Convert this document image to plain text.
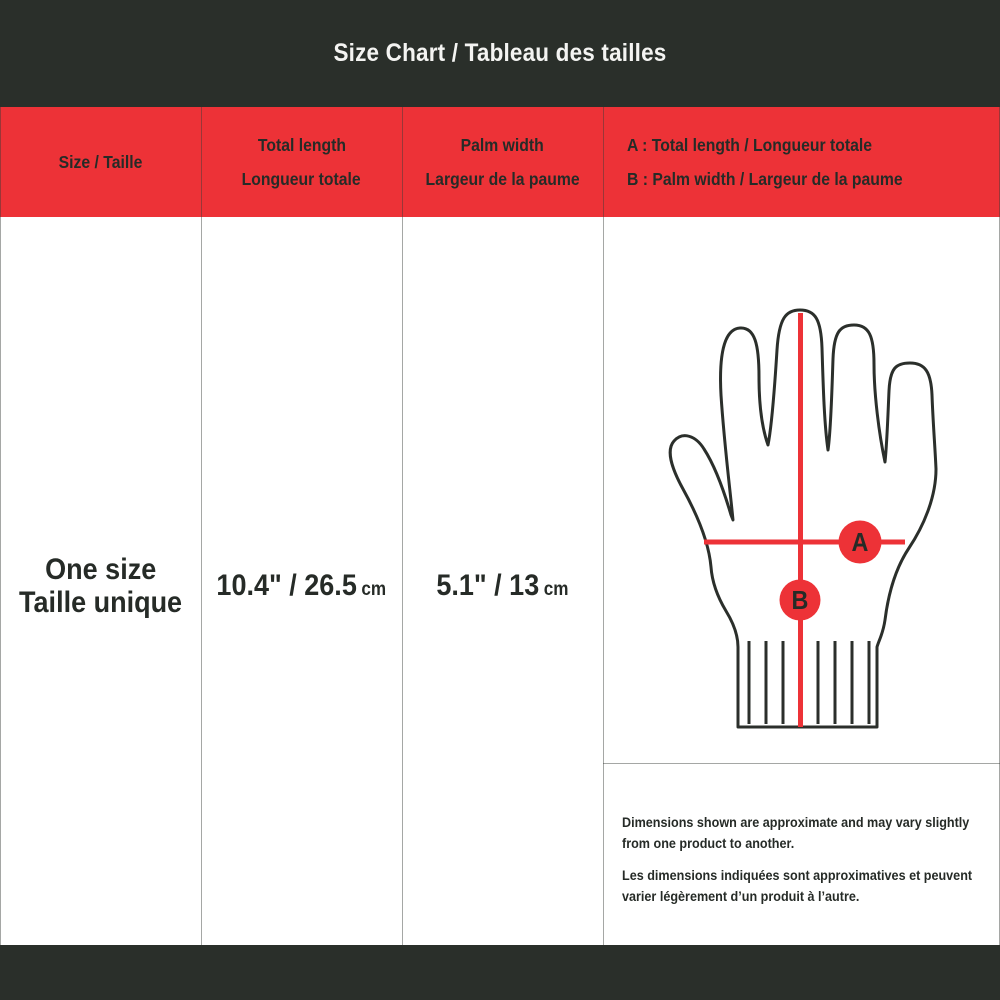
Size Chart / Tableau des tailles
Size / Taille
Total length
Longueur totale
Palm width
Largeur de la paume
A : Total length / Longueur totale
B : Palm width / Largeur de la paume
One size
Taille unique
10.4" / 26.5 cm 5.1" / 13 cm
A
B

Dimensions shown are approximate and may vary slightly from one product to another.

Les dimensions indiquées sont approximatives et peuvent varier légèrement d’un produit à l’autre.
